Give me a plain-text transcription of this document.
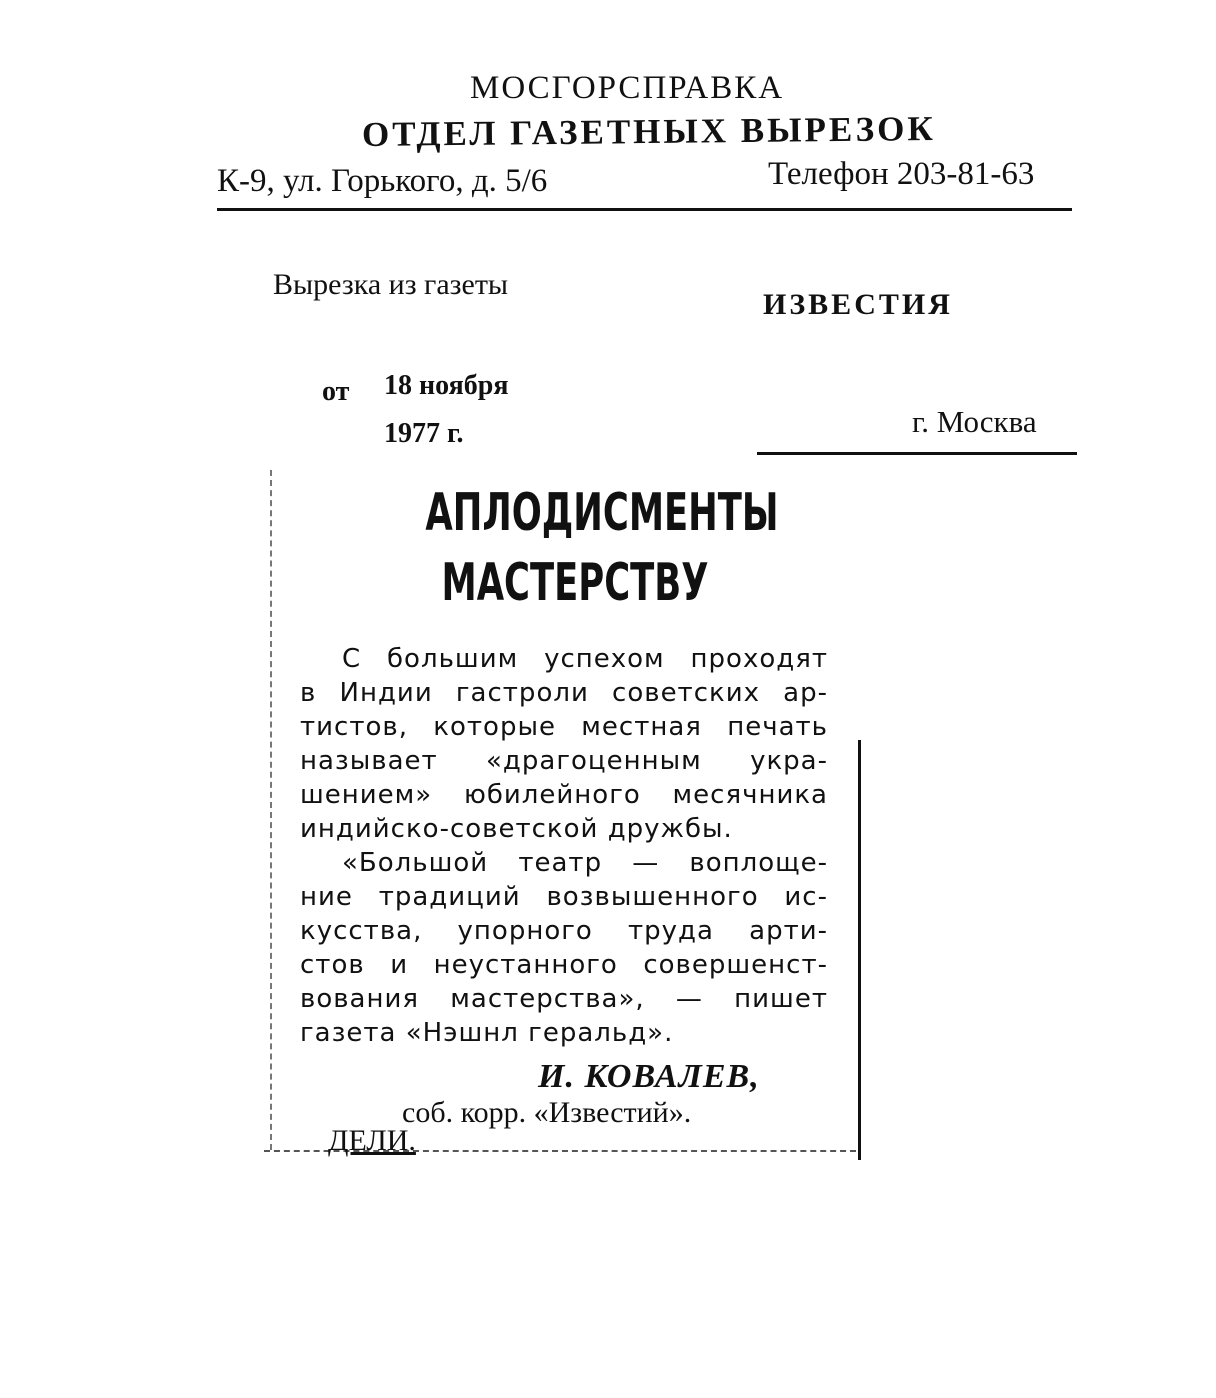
МОСГОРСПРАВКА
ОТДЕЛ ГАЗЕТНЫХ ВЫРЕЗОК
К-9, ул. Горького, д. 5/6	Телефон 203-81-63
Вырезка из газеты
ИЗВЕСТИЯ
от 18 ноября
1977 г.	г. Москва
АПЛОДИСМЕНТЫ
МАСТЕРСТВУ
С большим успехом проходят
в Индии гастроли советских ар-
тистов, которые местная печать
называет «драгоценным укра-
шением» юбилейного месячника
индийско-советской дружбы.
«Большой театр — воплоще-
ние традиций возвышенного ис-
кусства, упорного труда арти-
стов и неустанного совершенст-
вования мастерства», — пишет
газета «Нэшнл геральд».
И. КОВАЛЕВ,
соб. корр. «Известий».
ДЕЛИ.
